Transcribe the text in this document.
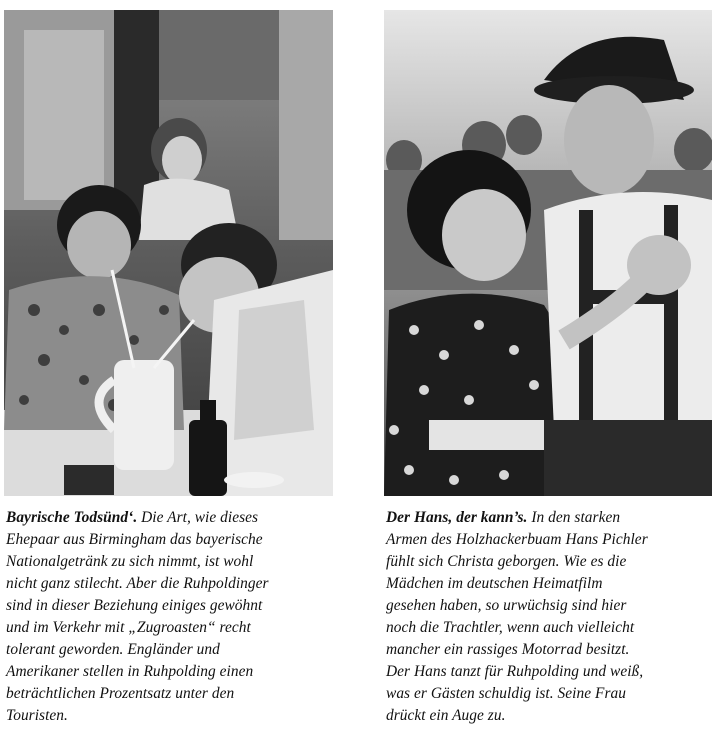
Bayrische Todsünd‘. Die Art, wie dieses
Ehepaar aus Birmingham das bayerische
Nationalgetränk zu sich nimmt, ist wohl
nicht ganz stilecht. Aber die Ruhpoldinger
sind in dieser Beziehung einiges gewöhnt
und im Verkehr mit „Zugroasten“ recht
tolerant geworden. Engländer und
Amerikaner stellen in Ruhpolding einen
beträchtlichen Prozentsatz unter den
Touristen.
Der Hans, der kann’s. In den starken
Armen des Holzhackerbuam Hans Pichler
fühlt sich Christa geborgen. Wie es die
Mädchen im deutschen Heimatfilm
gesehen haben, so urwüchsig sind hier
noch die Trachtler, wenn auch vielleicht
mancher ein rassiges Motorrad besitzt.
Der Hans tanzt für Ruhpolding und weiß,
was er Gästen schuldig ist. Seine Frau
drückt ein Auge zu.
